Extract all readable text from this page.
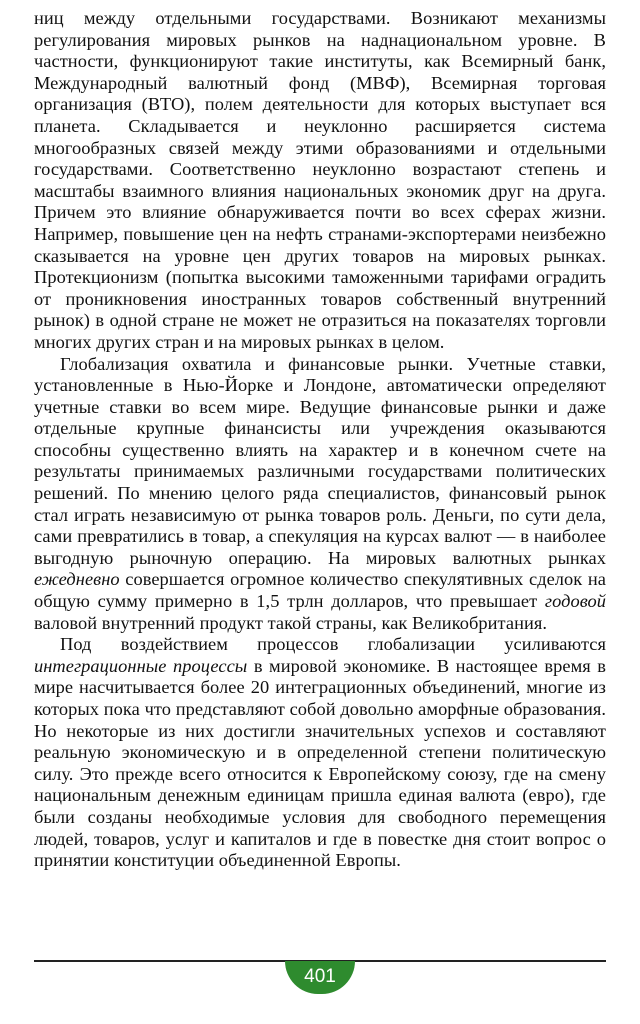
ниц между отдельными государствами. Возникают механизмы регулирования мировых рынков на наднациональном уровне. В частности, функционируют такие институты, как Всемирный банк, Международный валютный фонд (МВФ), Всемирная торговая организация (ВТО), полем деятельности для которых выступает вся планета. Складывается и неуклонно расширяется система многообразных связей между этими образованиями и отдельными государствами. Соответственно неуклонно возрастают степень и масштабы взаимного влияния национальных экономик друг на друга. Причем это влияние обнаруживается почти во всех сферах жизни. Например, повышение цен на нефть странами-экспортерами неизбежно сказывается на уровне цен других товаров на мировых рынках. Протекционизм (попытка высокими таможенными тарифами оградить от проникновения иностранных товаров собственный внутренний рынок) в одной стране не может не отразиться на показателях торговли многих других стран и на мировых рынках в целом.

Глобализация охватила и финансовые рынки. Учетные ставки, установленные в Нью-Йорке и Лондоне, автоматически определяют учетные ставки во всем мире. Ведущие финансовые рынки и даже отдельные крупные финансисты или учреждения оказываются способны существенно влиять на характер и в конечном счете на результаты принимаемых различными государствами политических решений. По мнению целого ряда специалистов, финансовый рынок стал играть независимую от рынка товаров роль. Деньги, по сути дела, сами превратились в товар, а спекуляция на курсах валют — в наиболее выгодную рыночную операцию. На мировых валютных рынках ежедневно совершается огромное количество спекулятивных сделок на общую сумму примерно в 1,5 трлн долларов, что превышает годовой валовой внутренний продукт такой страны, как Великобритания.

Под воздействием процессов глобализации усиливаются интеграционные процессы в мировой экономике. В настоящее время в мире насчитывается более 20 интеграционных объединений, многие из которых пока что представляют собой довольно аморфные образования. Но некоторые из них достигли значительных успехов и составляют реальную экономическую и в определенной степени политическую силу. Это прежде всего относится к Европейскому союзу, где на смену национальным денежным единицам пришла единая валюта (евро), где были созданы необходимые условия для свободного перемещения людей, товаров, услуг и капиталов и где в повестке дня стоит вопрос о принятии конституции объединенной Европы.

401
